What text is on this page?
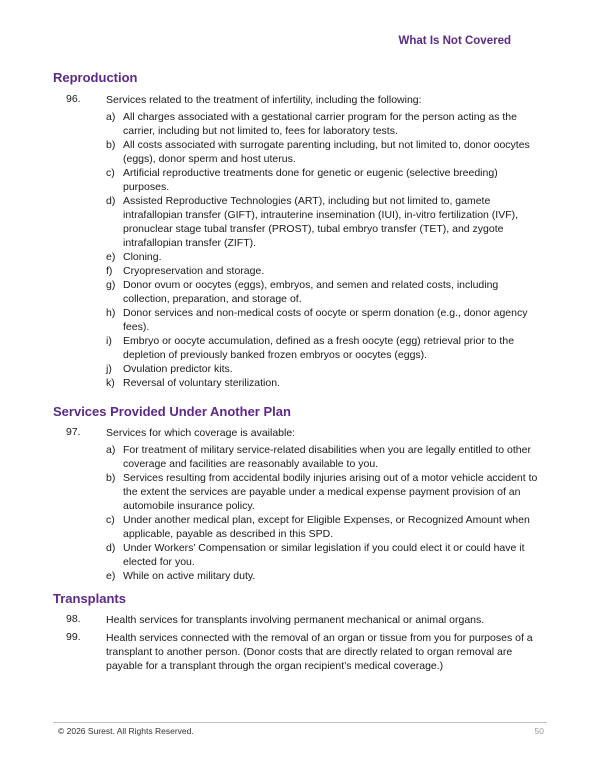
What Is Not Covered
Reproduction
96. Services related to the treatment of infertility, including the following:
a) All charges associated with a gestational carrier program for the person acting as the carrier, including but not limited to, fees for laboratory tests.
b) All costs associated with surrogate parenting including, but not limited to, donor oocytes (eggs), donor sperm and host uterus.
c) Artificial reproductive treatments done for genetic or eugenic (selective breeding) purposes.
d) Assisted Reproductive Technologies (ART), including but not limited to, gamete intrafallopian transfer (GIFT), intrauterine insemination (IUI), in-vitro fertilization (IVF), pronuclear stage tubal transfer (PROST), tubal embryo transfer (TET), and zygote intrafallopian transfer (ZIFT).
e) Cloning.
f)	Cryopreservation and storage.
g) Donor ovum or oocytes (eggs), embryos, and semen and related costs, including collection, preparation, and storage of.
h) Donor services and non-medical costs of oocyte or sperm donation (e.g., donor agency fees).
i)	Embryo or oocyte accumulation, defined as a fresh oocyte (egg) retrieval prior to the depletion of previously banked frozen embryos or oocytes (eggs).
j)	Ovulation predictor kits.
k) Reversal of voluntary sterilization.
Services Provided Under Another Plan
97. Services for which coverage is available:
a) For treatment of military service-related disabilities when you are legally entitled to other coverage and facilities are reasonably available to you.
b) Services resulting from accidental bodily injuries arising out of a motor vehicle accident to the extent the services are payable under a medical expense payment provision of an automobile insurance policy.
c) Under another medical plan, except for Eligible Expenses, or Recognized Amount when applicable, payable as described in this SPD.
d) Under Workers’ Compensation or similar legislation if you could elect it or could have it elected for you.
e) While on active military duty.
Transplants
98. Health services for transplants involving permanent mechanical or animal organs.
99. Health services connected with the removal of an organ or tissue from you for purposes of a transplant to another person. (Donor costs that are directly related to organ removal are payable for a transplant through the organ recipient’s medical coverage.)
© 2026 Surest. All Rights Reserved.	50
